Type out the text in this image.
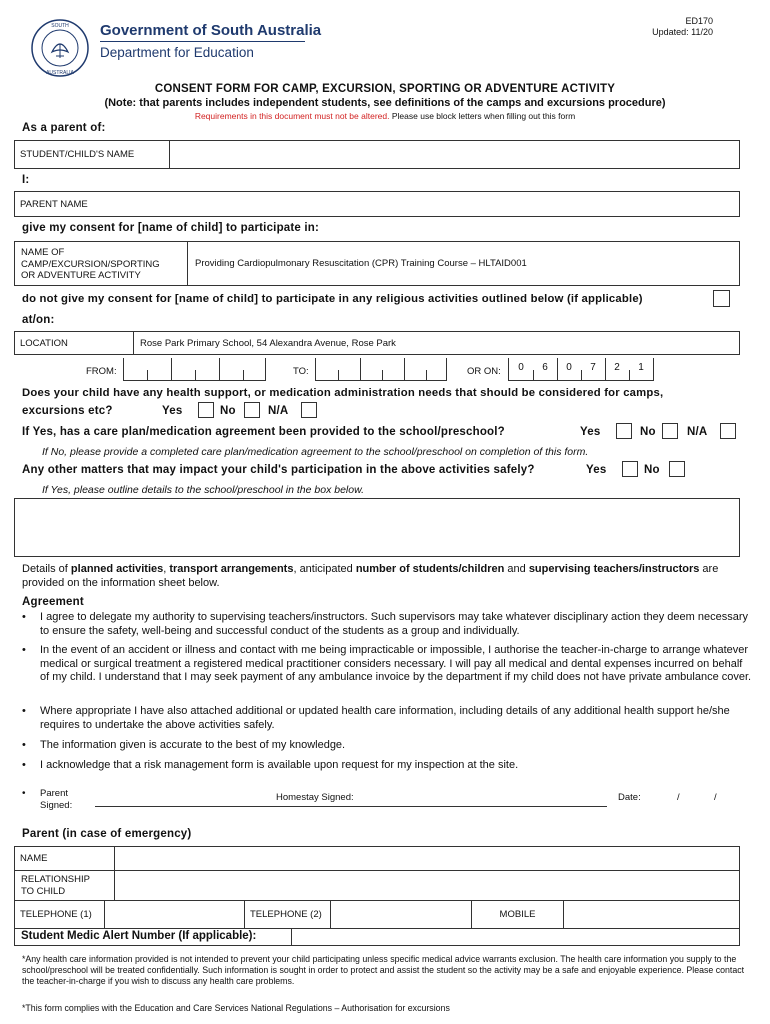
SOUTH
AUSTRALIA
Government of South Australia
Department for Education
ED170
Updated: 11/20
CONSENT FORM FOR CAMP, EXCURSION, SPORTING OR ADVENTURE ACTIVITY
(Note: that parents includes independent students, see definitions of the camps and excursions procedure)
Requirements in this document must not be altered. Please use block letters when filling out this form
As a parent of:
STUDENT/CHILD'S NAME
I:
PARENT NAME
give my consent for [name of child] to participate in:
NAME OF
CAMP/EXCURSION/SPORTING
OR ADVENTURE ACTIVITY
Providing Cardiopulmonary Resuscitation (CPR) Training Course – HLTAID001
do not give my consent for [name of child] to participate in any religious activities outlined below (if applicable)
at/on:
LOCATION	Rose Park Primary School, 54 Alexandra Avenue, Rose Park
FROM:	TO:	OR ON:	0	6	0	7	2	1
Does your child have any health support, or medication administration needs that should be considered for camps,
excursions etc?	Yes	No	N/A
If Yes, has a care plan/medication agreement been provided to the school/preschool?	Yes	No	N/A
If No, please provide a completed care plan/medication agreement to the school/preschool on completion of this form.
Any other matters that may impact your child's participation in the above activities safely?	Yes	No
If Yes, please outline details to the school/preschool in the box below.
Details of planned activities, transport arrangements, anticipated number of students/children and supervising teachers/instructors are provided on the information sheet below.
Agreement
• I agree to delegate my authority to supervising teachers/instructors. Such supervisors may take whatever disciplinary action they deem necessary to ensure the safety, well-being and successful conduct of the students as a group and individually.
• In the event of an accident or illness and contact with me being impracticable or impossible, I authorise the teacher-in-charge to arrange whatever medical or surgical treatment a registered medical practitioner considers necessary. I will pay all medical and dental expenses incurred on behalf of my child. I understand that I may seek payment of any ambulance invoice by the department if my child does not have private ambulance cover.
• Where appropriate I have also attached additional or updated health care information, including details of any additional health support he/she requires to undertake the above activities safely.
• The information given is accurate to the best of my knowledge.
• I acknowledge that a risk management form is available upon request for my inspection at the site.
• Parent
Signed:
Homestay Signed:	Date:	/	/
Parent (in case of emergency)
NAME
RELATIONSHIP
TO CHILD
TELEPHONE (1)	TELEPHONE (2)	MOBILE
Student Medic Alert Number (If applicable):
*Any health care information provided is not intended to prevent your child participating unless specific medical advice warrants exclusion. The health care information you supply to the school/preschool will be treated confidentially. Such information is sought in order to protect and assist the student so the activity may be a safe and enjoyable experience. Please contact the teacher-in-charge if you wish to discuss any health care problems.
*This form complies with the Education and Care Services National Regulations – Authorisation for excursions
